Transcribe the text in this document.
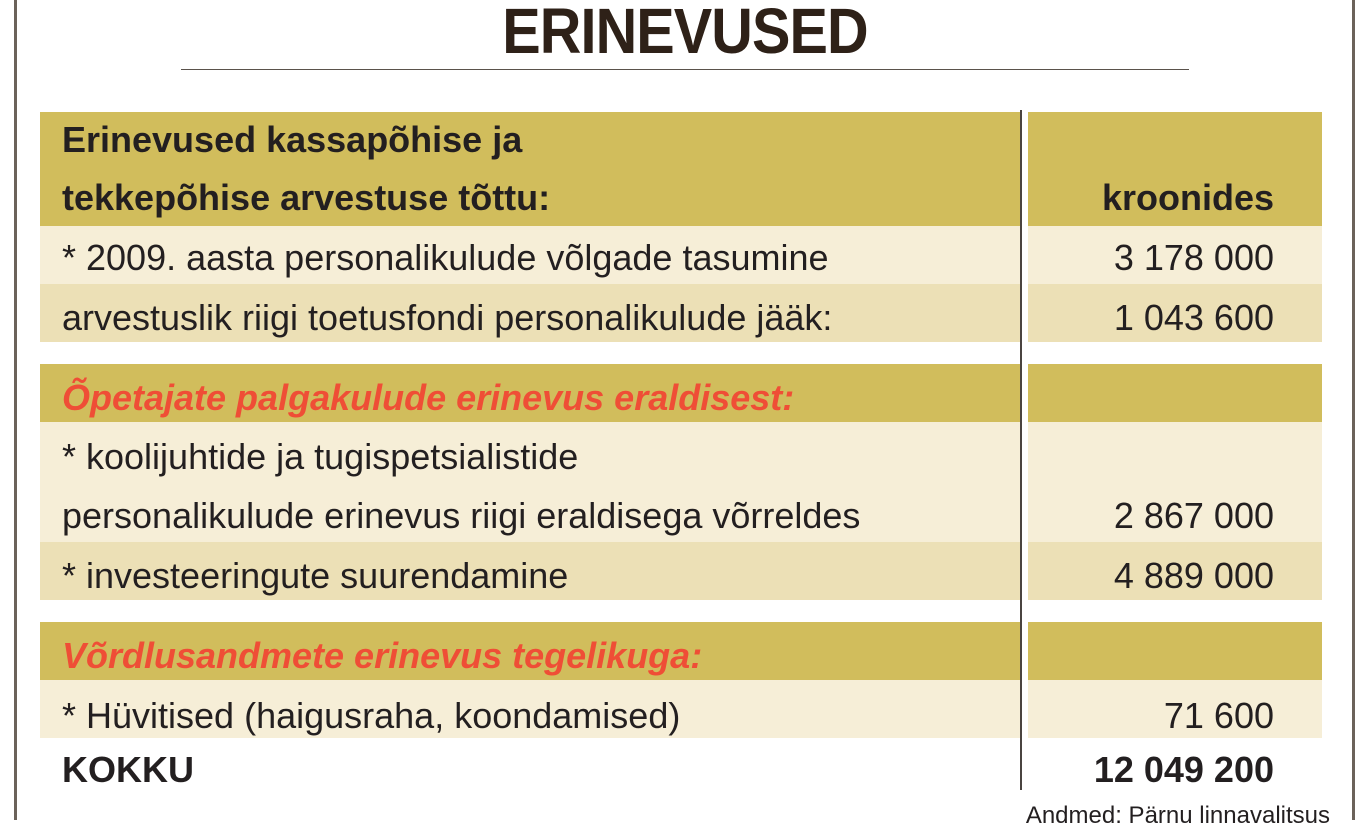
ERINEVUSED
Erinevused kassapõhise ja
tekkepõhise arvestuse tõttu:	kroonides
* 2009. aasta personalikulude võlgade tasumine	3 178 000
arvestuslik riigi toetusfondi personalikulude jääk:	1 043 600
Õpetajate palgakulude erinevus eraldisest:
* koolijuhtide ja tugispetsialistide
personalikulude erinevus riigi eraldisega võrreldes	2 867 000
* investeeringute suurendamine	4 889 000
Võrdlusandmete erinevus tegelikuga:
* Hüvitised (haigusraha, koondamised)	71 600
KOKKU	12 049 200
Andmed: Pärnu linnavalitsus
